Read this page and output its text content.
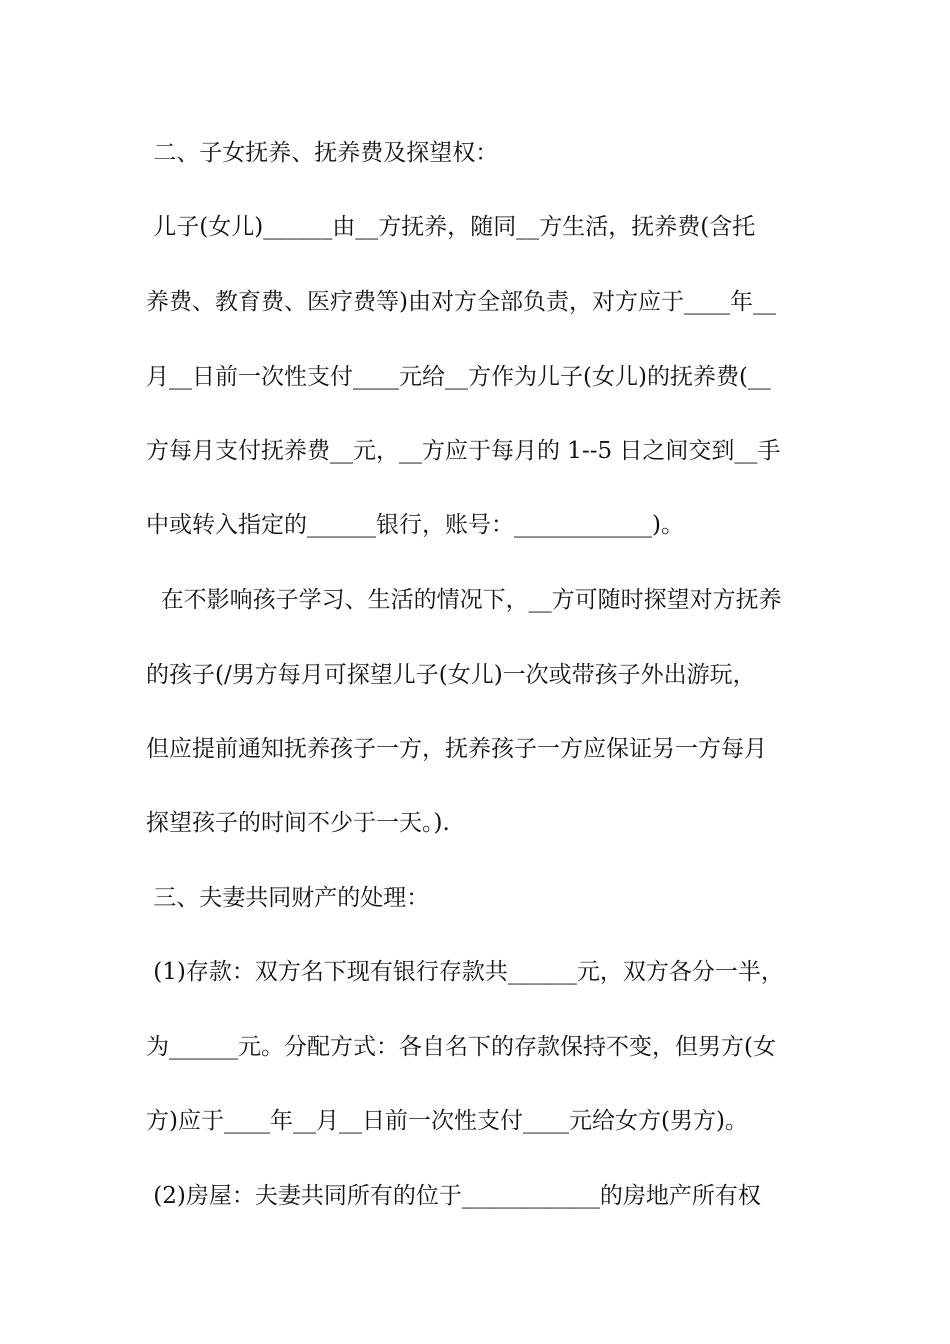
二、子女抚养、抚养费及探望权：

儿子(女儿)______由__方抚养，随同__方生活，抚养费(含托

养费、教育费、医疗费等)由对方全部负责，对方应于____年__

月__日前一次性支付____元给__方作为儿子(女儿)的抚养费(__

方每月支付抚养费__元，__方应于每月的 1--5 日之间交到__手

中或转入指定的______银行，账号：____________)。

在不影响孩子学习、生活的情况下，__方可随时探望对方抚养

的孩子(/男方每月可探望儿子(女儿)一次或带孩子外出游玩，

但应提前通知抚养孩子一方，抚养孩子一方应保证另一方每月

探望孩子的时间不少于一天。).

三、夫妻共同财产的处理：

(1)存款：双方名下现有银行存款共______元，双方各分一半，

为______元。分配方式：各自名下的存款保持不变，但男方(女

方)应于____年__月__日前一次性支付____元给女方(男方)。

(2)房屋：夫妻共同所有的位于____________的房地产所有权
